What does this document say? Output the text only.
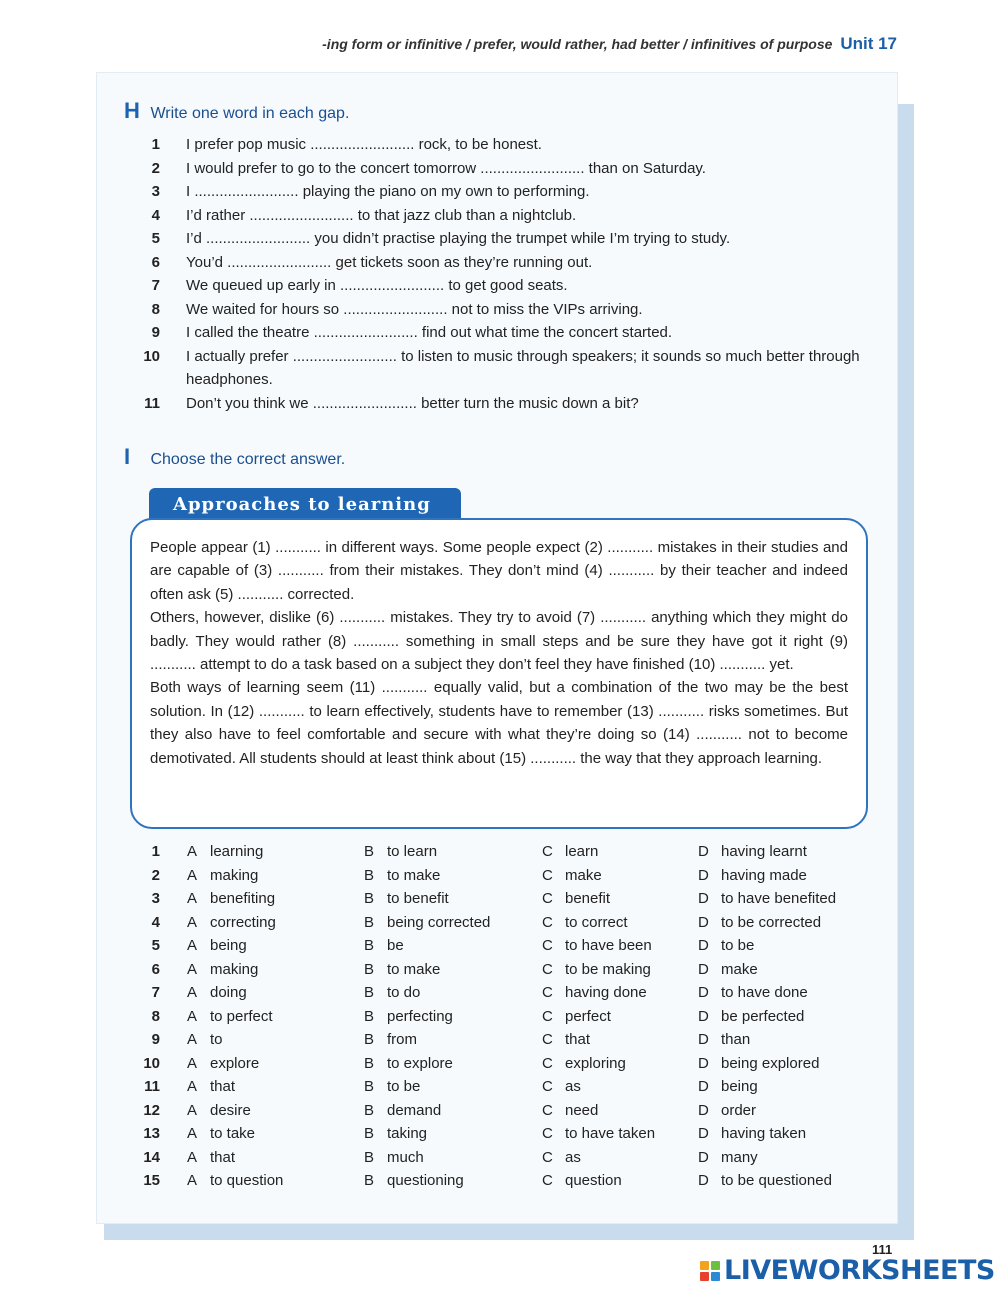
-ing form or infinitive / prefer, would rather, had better / infinitives of purpose Unit 17
H Write one word in each gap.
1 I prefer pop music ......................... rock, to be honest.
2 I would prefer to go to the concert tomorrow ......................... than on Saturday.
3 I ......................... playing the piano on my own to performing.
4 I’d rather ......................... to that jazz club than a nightclub.
5 I’d ......................... you didn’t practise playing the trumpet while I’m trying to study.
6 You’d ......................... get tickets soon as they’re running out.
7 We queued up early in ......................... to get good seats.
8 We waited for hours so ......................... not to miss the VIPs arriving.
9 I called the theatre ......................... find out what time the concert started.
10 I actually prefer ......................... to listen to music through speakers; it sounds so much better through headphones.
11 Don’t you think we ......................... better turn the music down a bit?
I Choose the correct answer.
Approaches to learning

People appear (1) ........... in different ways. Some people expect (2) ........... mistakes in their studies and are capable of (3) ........... from their mistakes. They don’t mind (4) ........... by their teacher and indeed often ask (5) ........... corrected.

Others, however, dislike (6) ........... mistakes. They try to avoid (7) ........... anything which they might do badly. They would rather (8) ........... something in small steps and be sure they have got it right (9) ........... attempt to do a task based on a subject they don’t feel they have finished (10) ........... yet.

Both ways of learning seem (11) ........... equally valid, but a combination of the two may be the best solution. In (12) ........... to learn effectively, students have to remember (13) ........... risks sometimes. But they also have to feel comfortable and secure with what they’re doing so (14) ........... not to become demotivated. All students should at least think about (15) ........... the way that they approach learning.

1 A learning	B to learn	C learn	D having learnt
2 A making	B to make	C make	D having made
3 A benefiting	B to benefit	C benefit	D to have benefited
4 A correcting	B being corrected	C to correct	D to be corrected
5 A being	B be	C to have been	D to be
6 A making	B to make	C to be making	D make
7 A doing	B to do	C having done	D to have done
8 A to perfect	B perfecting	C perfect	D be perfected
9 A to	B from	C that	D than
10 A explore	B to explore	C exploring	D being explored
11 A that	B to be	C as	D being
12 A desire	B demand	C need	D order
13 A to take	B taking	C to have taken	D having taken
14 A that	B much	C as	D many
15 A to question	B questioning	C question	D to be questioned
111
LIVEWORKSHEETS
